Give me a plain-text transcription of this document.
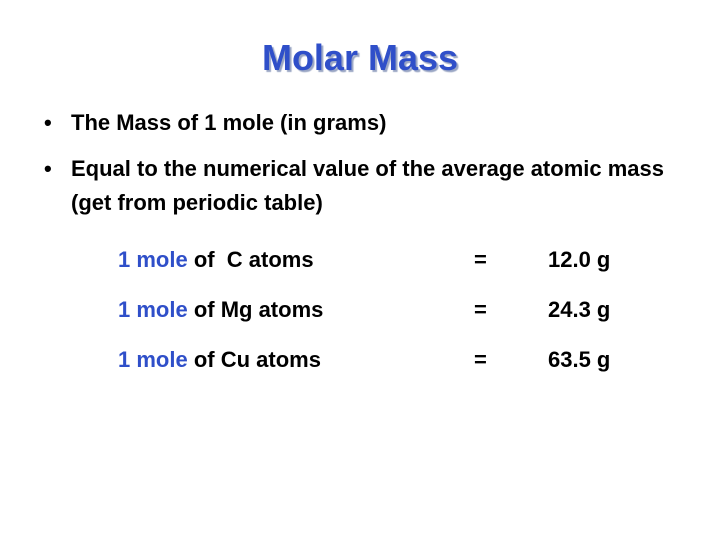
Molar Mass
• The Mass of 1 mole (in grams)
• Equal to the numerical value of the average atomic mass (get from periodic table)
1 mole of  C atoms	=	12.0 g
1 mole of Mg atoms	=	24.3 g
1 mole of Cu atoms	=	63.5 g
